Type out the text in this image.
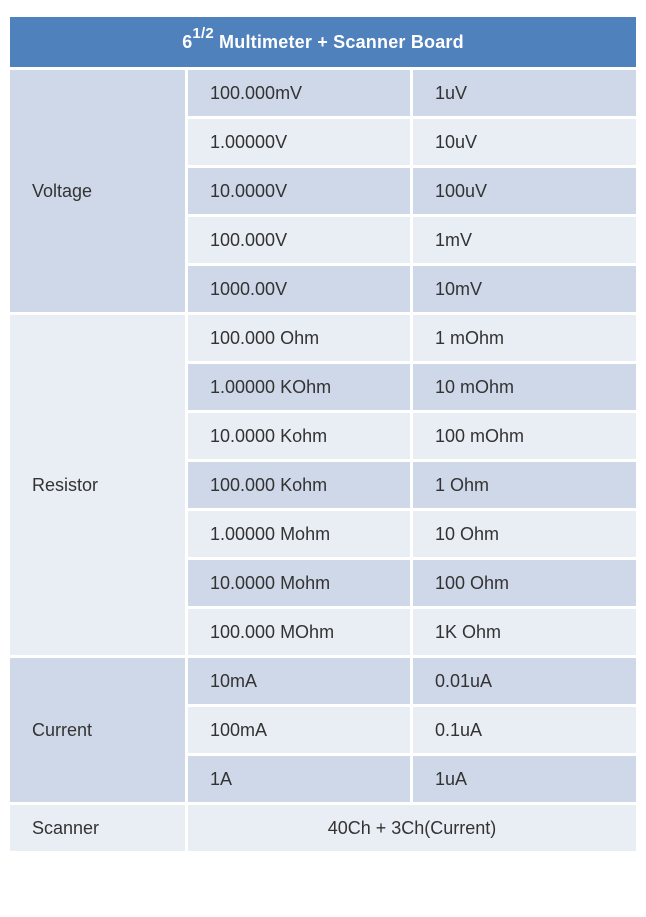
$6^{1/2}$ Multimeter + Scanner Board		
Voltage	100.000mV	1uV
	1.00000V	10uV
	10.0000V	100uV
	100.000V	1mV
	1000.00V	10mV
Resistor	100.000 Ohm	1 mOhm
	1.00000 KOhm	10 mOhm
	10.0000 Kohm	100 mOhm
	100.000 Kohm	1 Ohm
	1.00000 Mohm	10 Ohm
	10.0000 Mohm	100 Ohm
	100.000 MOhm	1K Ohm
Current	10mA	0.01uA
	100mA	0.1uA
	1A	1uA
Scanner	40Ch + 3Ch(Current)	
